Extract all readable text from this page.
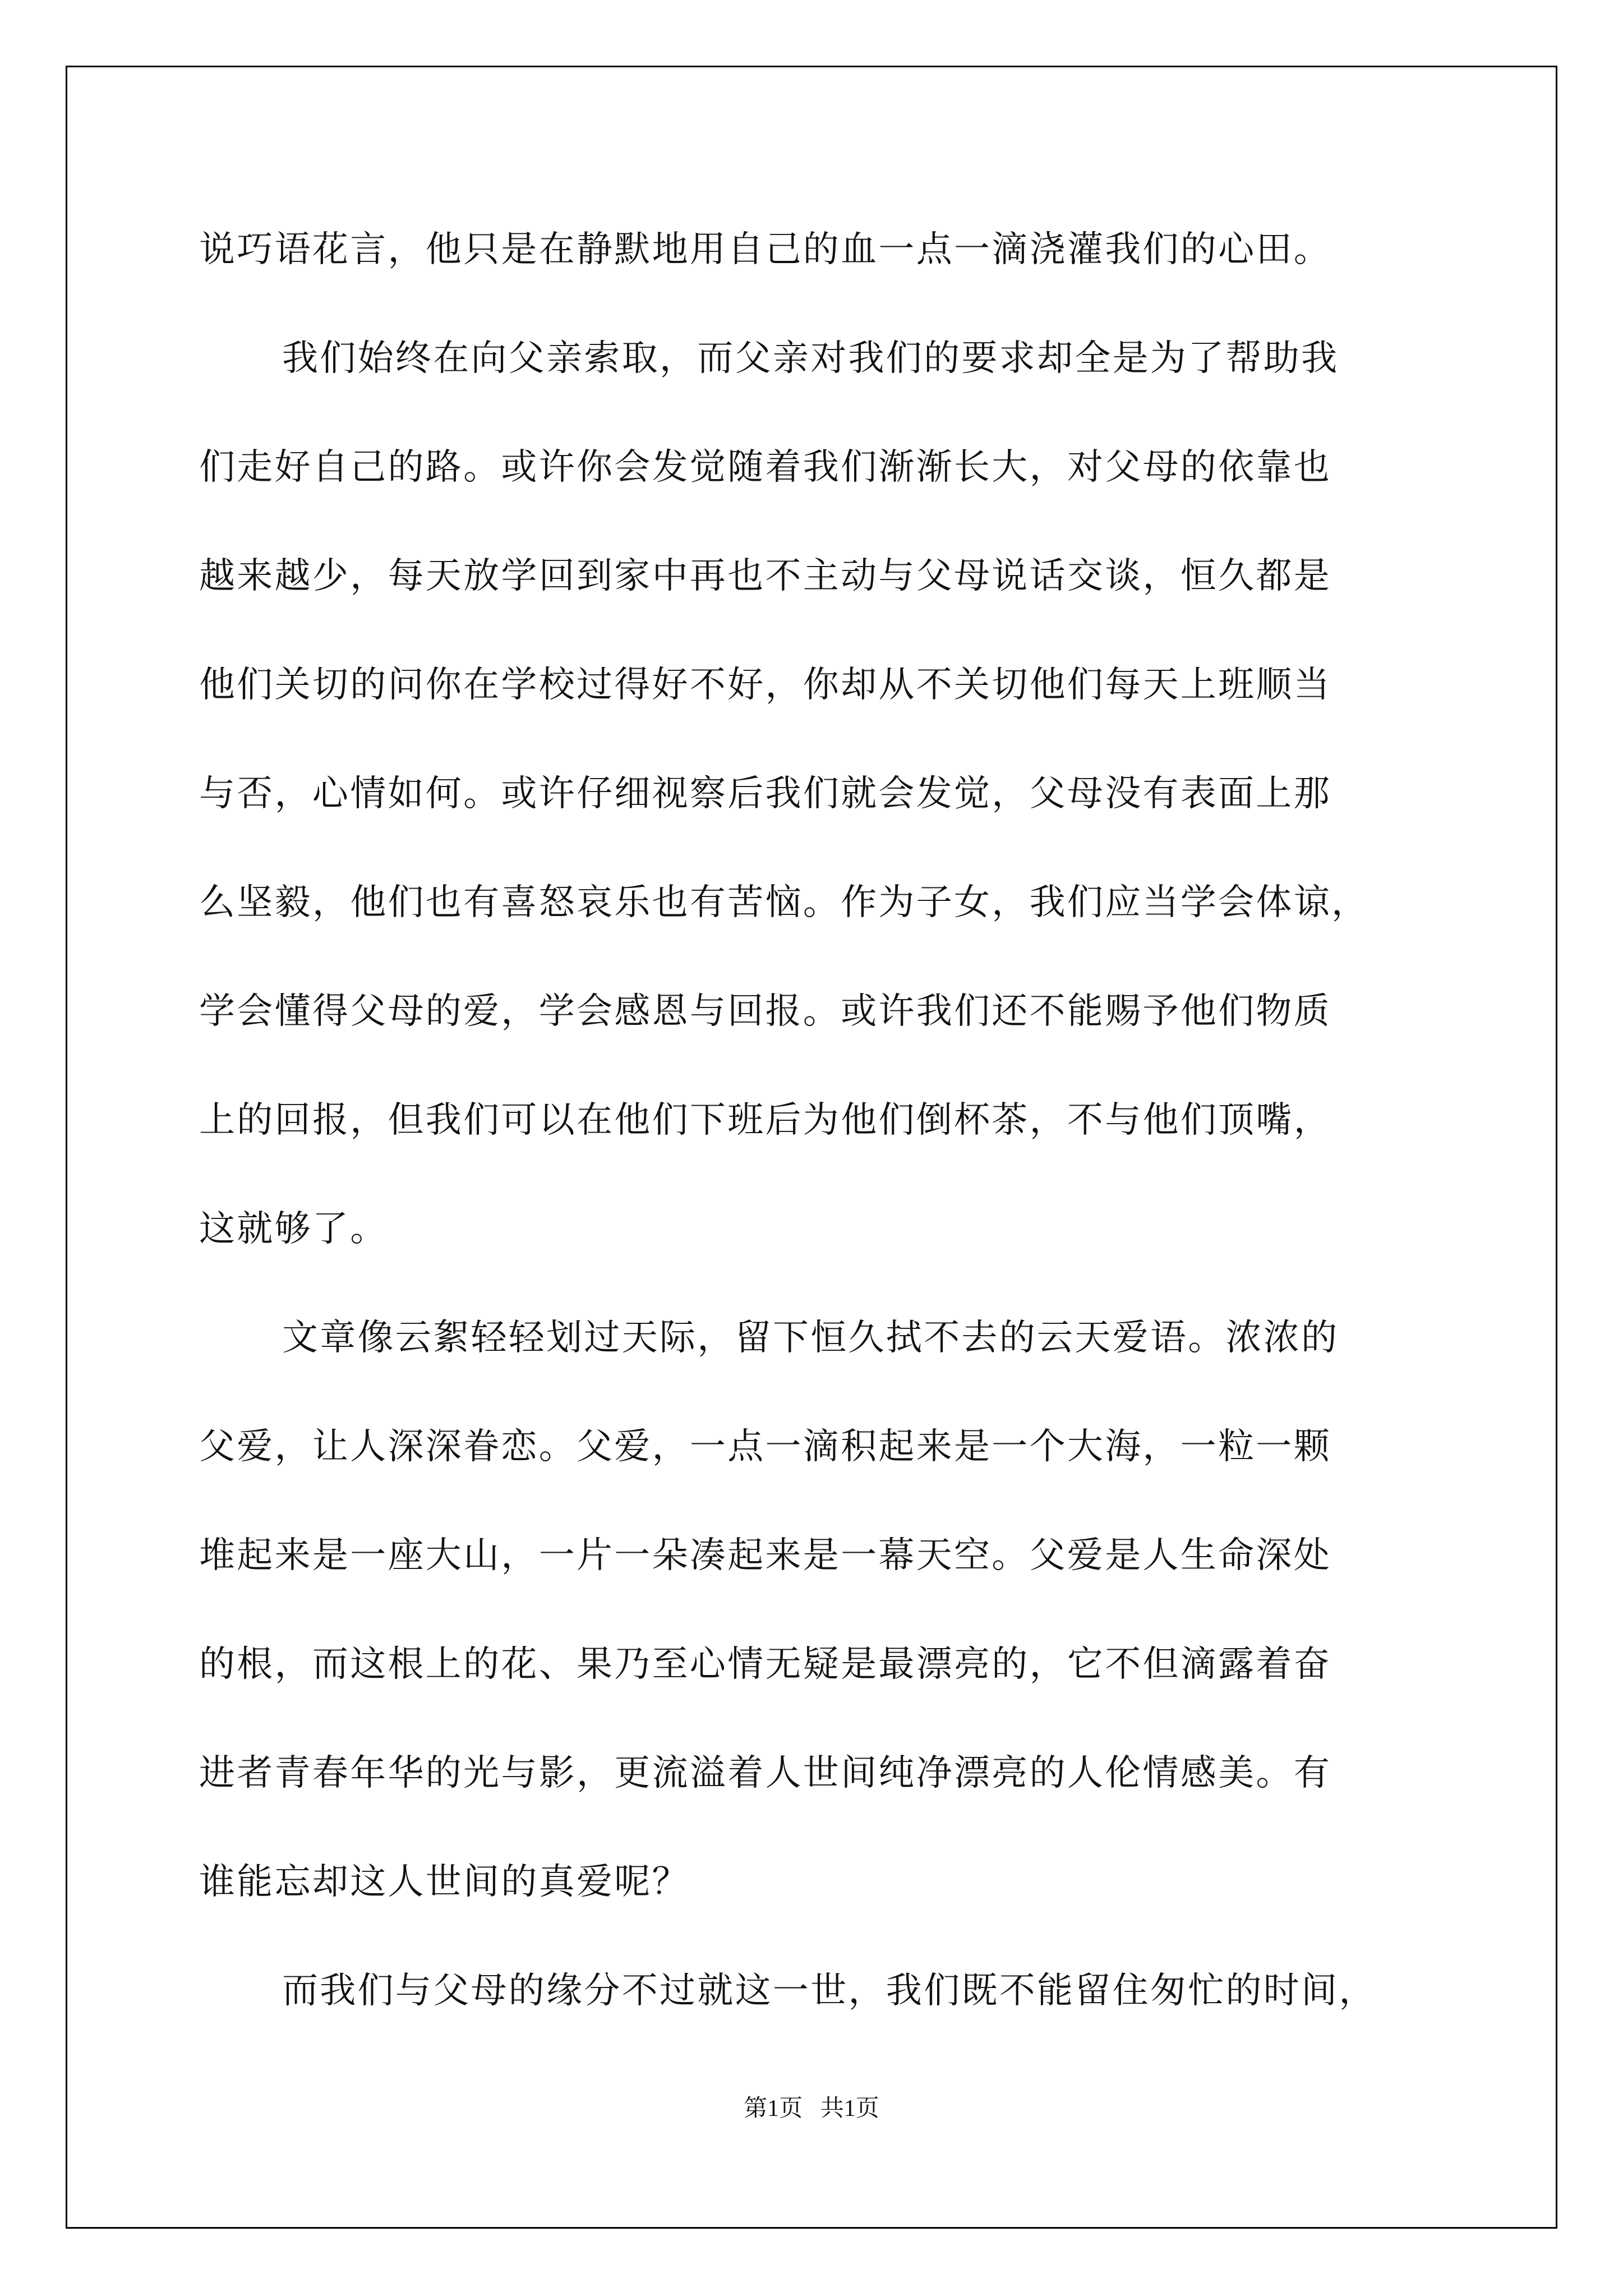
说巧语花言，他只是在静默地用自己的血一点一滴浇灌我们的心田。
我们始终在向父亲索取，而父亲对我们的要求却全是为了帮助我
们走好自己的路。或许你会发觉随着我们渐渐长大，对父母的依靠也
越来越少，每天放学回到家中再也不主动与父母说话交谈，恒久都是
他们关切的问你在学校过得好不好，你却从不关切他们每天上班顺当
与否，心情如何。或许仔细视察后我们就会发觉，父母没有表面上那
么坚毅，他们也有喜怒哀乐也有苦恼。作为子女，我们应当学会体谅，
学会懂得父母的爱，学会感恩与回报。或许我们还不能赐予他们物质
上的回报，但我们可以在他们下班后为他们倒杯茶，不与他们顶嘴，
这就够了。
文章像云絮轻轻划过天际，留下恒久拭不去的云天爱语。浓浓的
父爱，让人深深眷恋。父爱，一点一滴积起来是一个大海，一粒一颗
堆起来是一座大山，一片一朵凑起来是一幕天空。父爱是人生命深处
的根，而这根上的花、果乃至心情无疑是最漂亮的，它不但滴露着奋
进者青春年华的光与影，更流溢着人世间纯净漂亮的人伦情感美。有
谁能忘却这人世间的真爱呢？
而我们与父母的缘分不过就这一世，我们既不能留住匆忙的时间，
第1页   共1页
